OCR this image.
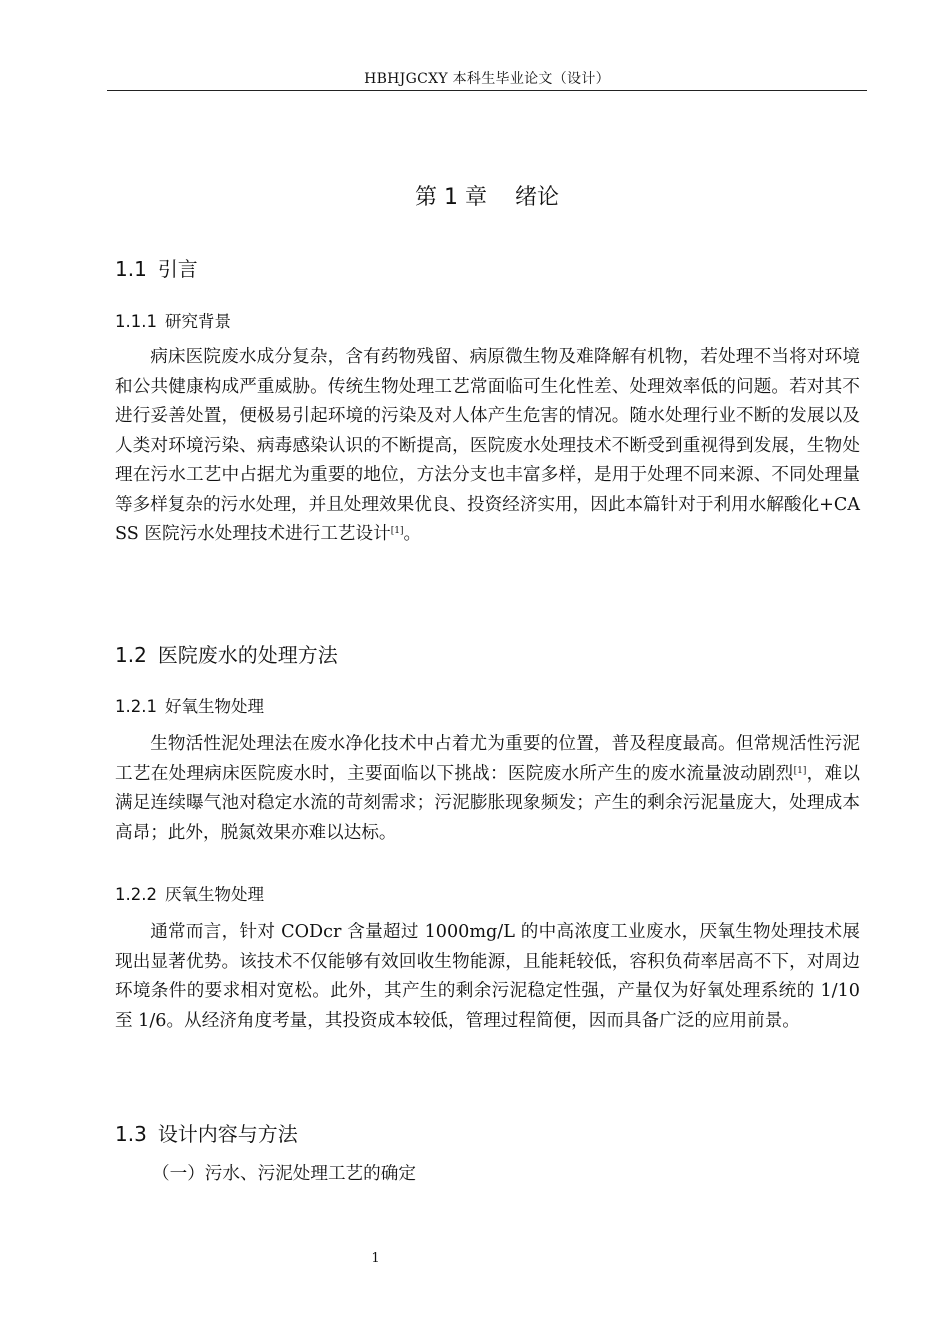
HBHJGCXY 本科生毕业论文（设计）
第 1 章    绪论
1.1 引言
1.1.1 研究背景

病床医院废水成分复杂，含有药物残留、病原微生物及难降解有机物，若处理不当将对环境和公共健康构成严重威胁。传统生物处理工艺常面临可生化性差、处理效率低的问题。若对其不进行妥善处置，便极易引起环境的污染及对人体产生危害的情况。随水处理行业不断的发展以及人类对环境污染、病毒感染认识的不断提高，医院废水处理技术不断受到重视得到发展，生物处理在污水工艺中占据尤为重要的地位，方法分支也丰富多样，是用于处理不同来源、不同处理量等多样复杂的污水处理，并且处理效果优良、投资经济实用，因此本篇针对于利用水解酸化+CASS 医院污水处理技术进行工艺设计[1]。

1.2 医院废水的处理方法
1.2.1 好氧生物处理

生物活性泥处理法在废水净化技术中占着尤为重要的位置，普及程度最高。但常规活性污泥工艺在处理病床医院废水时，主要面临以下挑战：医院废水所产生的废水流量波动剧烈[1]，难以满足连续曝气池对稳定水流的苛刻需求；污泥膨胀现象频发；产生的剩余污泥量庞大，处理成本高昂；此外，脱氮效果亦难以达标。

1.2.2 厌氧生物处理

通常而言，针对 CODcr 含量超过 1000mg/L 的中高浓度工业废水，厌氧生物处理技术展现出显著优势。该技术不仅能够有效回收生物能源，且能耗较低，容积负荷率居高不下，对周边环境条件的要求相对宽松。此外，其产生的剩余污泥稳定性强，产量仅为好氧处理系统的 1/10 至 1/6。从经济角度考量，其投资成本较低，管理过程简便，因而具备广泛的应用前景。

1.3 设计内容与方法
（一）污水、污泥处理工艺的确定
1
